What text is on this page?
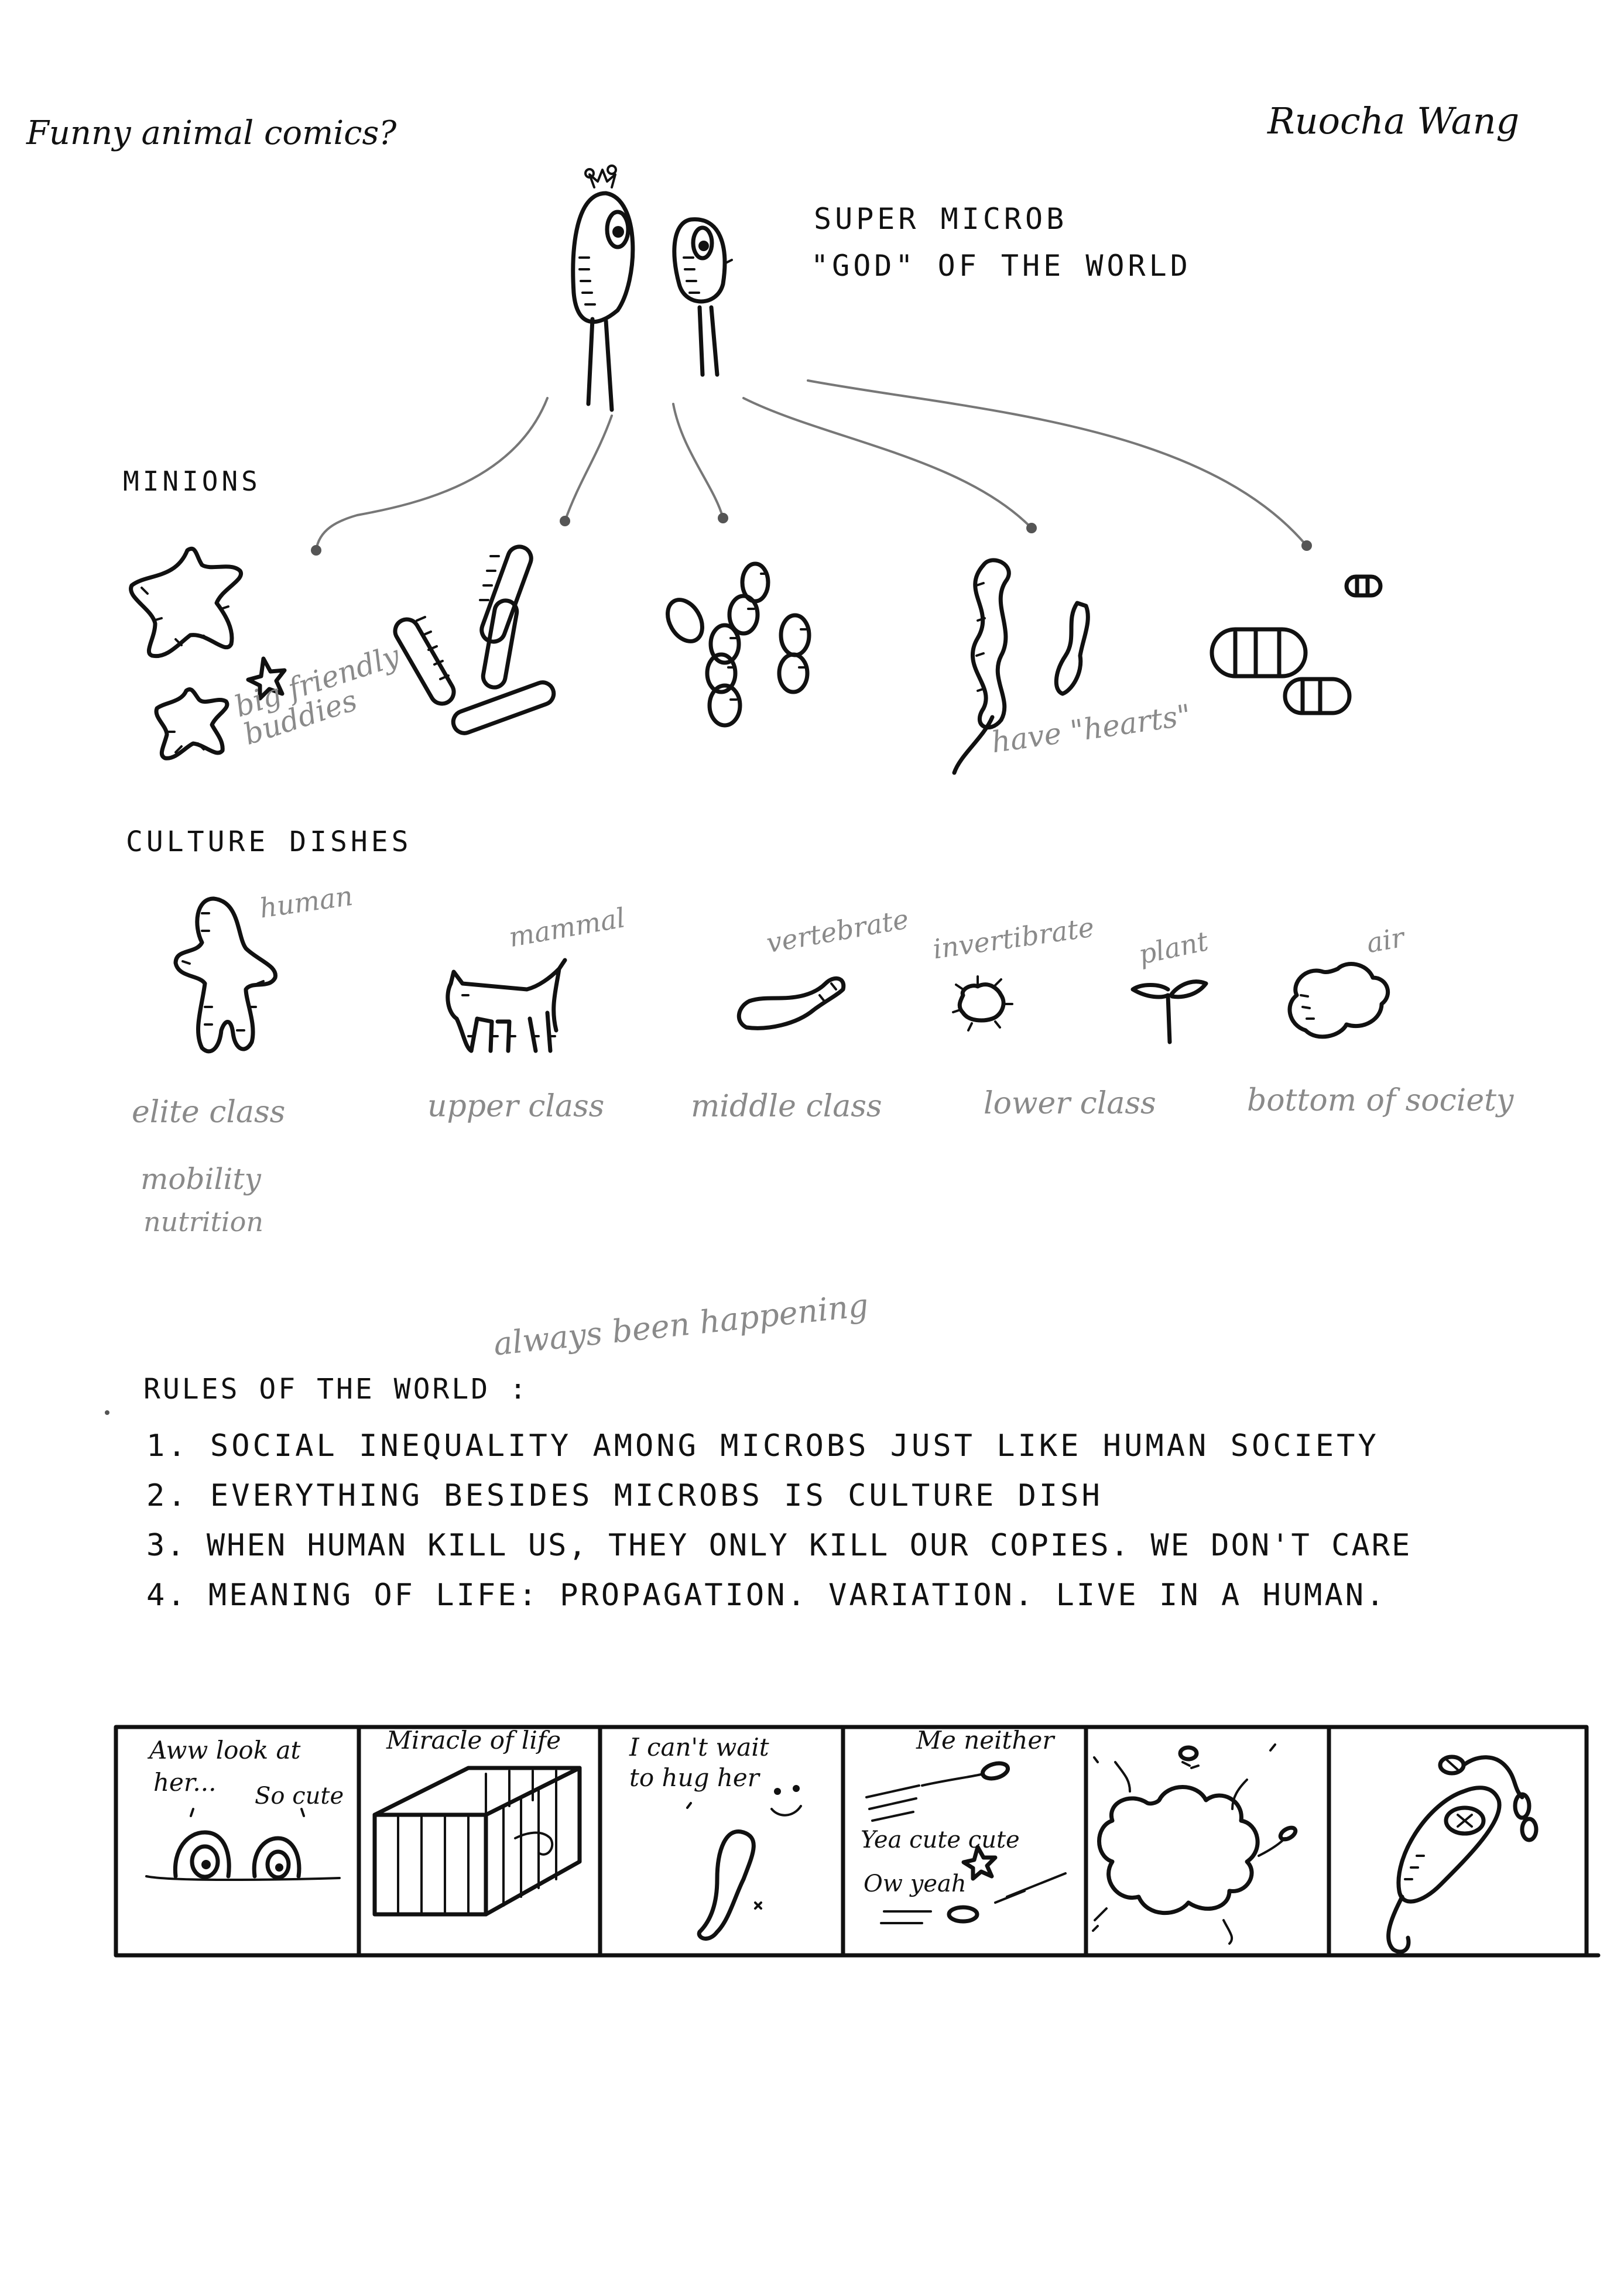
Funny animal comics?	Ruocha Wang
SUPER MICROB
"GOD" OF THE WORLD
MINIONS
big friendly buddies	have "hearts"
CULTURE DISHES
human	mammal	vertebrate invertibrate plant	air
elite class	upper class	middle class	lower class	bottom of society
mobility
nutrition
always been happening
RULES OF THE WORLD :
1. SOCIAL INEQUALITY AMONG MICROBS JUST LIKE HUMAN SOCIETY
2. EVERYTHING BESIDES MICROBS IS CULTURE DISH
3. WHEN HUMAN KILL US, THEY ONLY KILL OUR COPIES. WE DON'T CARE
4. MEANING OF LIFE: PROPAGATION. VARIATION. LIVE IN A HUMAN.
Aww look at
her... So cute
Miracle of life	I can't wait
to hug her
Me neither
Yea cute cute
Ow yeah
